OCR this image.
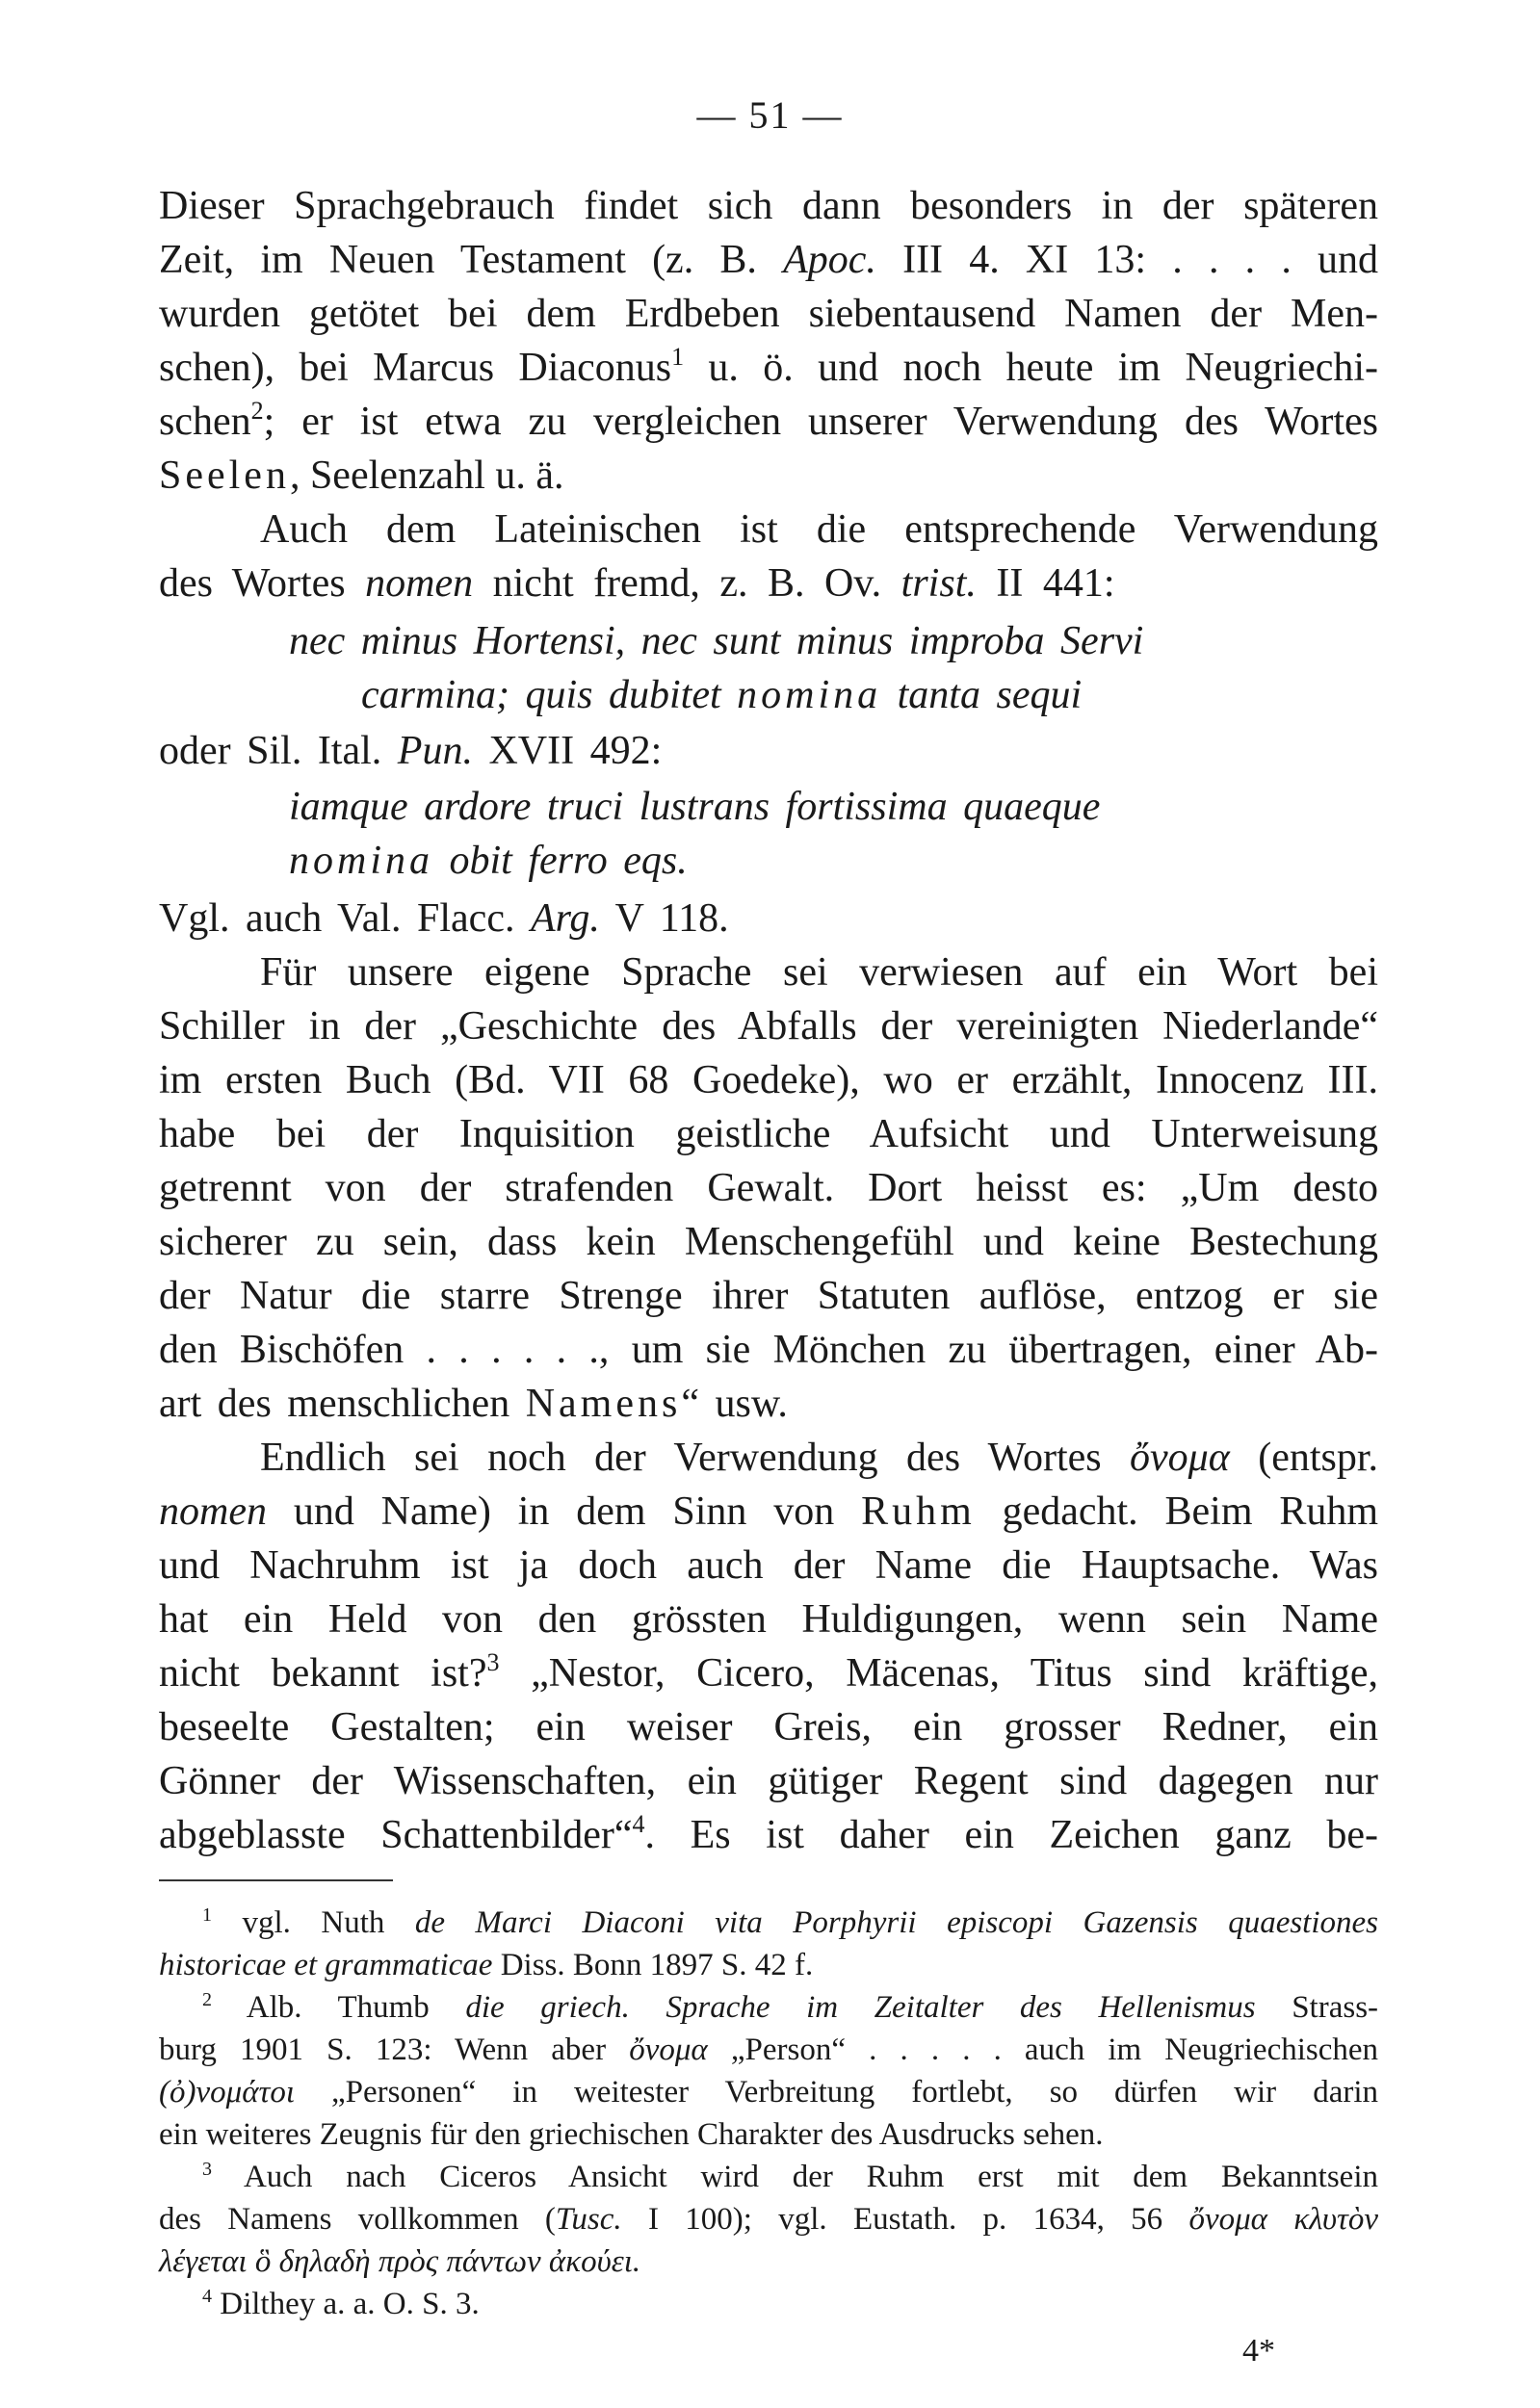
— 51 —
Dieser Sprachgebrauch findet sich dann besonders in der späteren
Zeit, im Neuen Testament (z. B. Apoc. III 4. XI 13: . . . . und
wurden getötet bei dem Erdbeben siebentausend Namen der Men-
schen), bei Marcus Diaconus$^1$ u. ö. und noch heute im Neugriechi-
schen$^2$; er ist etwa zu vergleichen unserer Verwendung des Wortes
Seelen, Seelenzahl u. ä.
Auch dem Lateinischen ist die entsprechende Verwendung
des Wortes nomen nicht fremd, z. B. Ov. trist. II 441:
nec minus Hortensi, nec sunt minus improba Servi
carmina; quis dubitet nomina tanta sequi
oder Sil. Ital. Pun. XVII 492:
iamque ardore truci lustrans fortissima quaeque
nomina obit ferro eqs.
Vgl. auch Val. Flacc. Arg. V 118.
Für unsere eigene Sprache sei verwiesen auf ein Wort bei
Schiller in der „Geschichte des Abfalls der vereinigten Niederlande“
im ersten Buch (Bd. VII 68 Goedeke), wo er erzählt, Innocenz III.
habe bei der Inquisition geistliche Aufsicht und Unterweisung
getrennt von der strafenden Gewalt. Dort heisst es: „Um desto
sicherer zu sein, dass kein Menschengefühl und keine Bestechung
der Natur die starre Strenge ihrer Statuten auflöse, entzog er sie
den Bischöfen . . . . . ., um sie Mönchen zu übertragen, einer Ab-
art des menschlichen Namens“ usw.
Endlich sei noch der Verwendung des Wortes ὄνομα (entspr.
nomen und Name) in dem Sinn von Ruhm gedacht. Beim Ruhm
und Nachruhm ist ja doch auch der Name die Hauptsache. Was
hat ein Held von den grössten Huldigungen, wenn sein Name
nicht bekannt ist?$^3$ „Nestor, Cicero, Mäcenas, Titus sind kräftige,
beseelte Gestalten; ein weiser Greis, ein grosser Redner, ein
Gönner der Wissenschaften, ein gütiger Regent sind dagegen nur
abgeblasste Schattenbilder“$^4$. Es ist daher ein Zeichen ganz be-
$^1$ vgl. Nuth de Marci Diaconi vita Porphyrii episcopi Gazensis quaestiones
historicae et grammaticae Diss. Bonn 1897 S. 42 f.
$^2$ Alb. Thumb die griech. Sprache im Zeitalter des Hellenismus Strass-
burg 1901 S. 123: Wenn aber ὄνομα „Person“ . . . . . auch im Neugriechischen
(ὀ)νομάτοι „Personen“ in weitester Verbreitung fortlebt, so dürfen wir darin
ein weiteres Zeugnis für den griechischen Charakter des Ausdrucks sehen.
$^3$ Auch nach Ciceros Ansicht wird der Ruhm erst mit dem Bekanntsein
des Namens vollkommen (Tusc. I 100); vgl. Eustath. p. 1634, 56 ὄνομα κλυτὸν
λέγεται ὃ δηλαδὴ πρὸς πάντων ἀκούει.
$^4$ Dilthey a. a. O. S. 3.
4*
